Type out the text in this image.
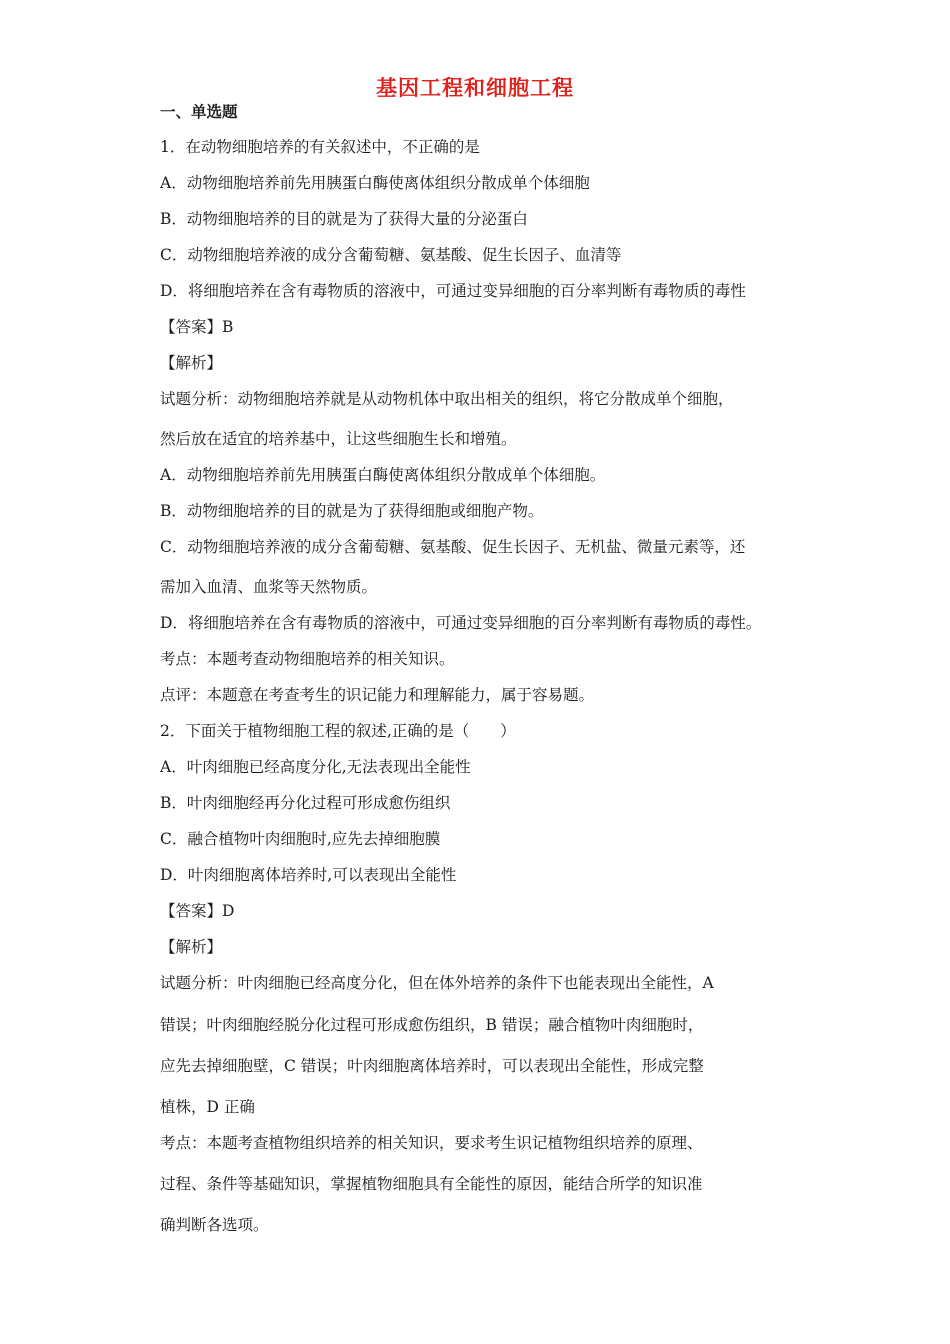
基因工程和细胞工程
一、单选题
1．在动物细胞培养的有关叙述中，不正确的是
A．动物细胞培养前先用胰蛋白酶使离体组织分散成单个体细胞
B．动物细胞培养的目的就是为了获得大量的分泌蛋白
C．动物细胞培养液的成分含葡萄糖、氨基酸、促生长因子、血清等
D．将细胞培养在含有毒物质的溶液中，可通过变异细胞的百分率判断有毒物质的毒性
【答案】B
【解析】
试题分析：动物细胞培养就是从动物机体中取出相关的组织，将它分散成单个细胞，
然后放在适宜的培养基中，让这些细胞生长和增殖。
A．动物细胞培养前先用胰蛋白酶使离体组织分散成单个体细胞。
B．动物细胞培养的目的就是为了获得细胞或细胞产物。
C．动物细胞培养液的成分含葡萄糖、氨基酸、促生长因子、无机盐、微量元素等，还
需加入血清、血浆等天然物质。
D．将细胞培养在含有毒物质的溶液中，可通过变异细胞的百分率判断有毒物质的毒性。
考点：本题考查动物细胞培养的相关知识。
点评：本题意在考查考生的识记能力和理解能力，属于容易题。
2．下面关于植物细胞工程的叙述,正确的是（　　）
A．叶肉细胞已经高度分化,无法表现出全能性
B．叶肉细胞经再分化过程可形成愈伤组织
C．融合植物叶肉细胞时,应先去掉细胞膜
D．叶肉细胞离体培养时,可以表现出全能性
【答案】D
【解析】
试题分析：叶肉细胞已经高度分化，但在体外培养的条件下也能表现出全能性，A
错误；叶肉细胞经脱分化过程可形成愈伤组织，B 错误；融合植物叶肉细胞时，
应先去掉细胞壁，C 错误；叶肉细胞离体培养时，可以表现出全能性，形成完整
植株，D 正确
考点：本题考查植物组织培养的相关知识，要求考生识记植物组织培养的原理、
过程、条件等基础知识，掌握植物细胞具有全能性的原因，能结合所学的知识准
确判断各选项。
